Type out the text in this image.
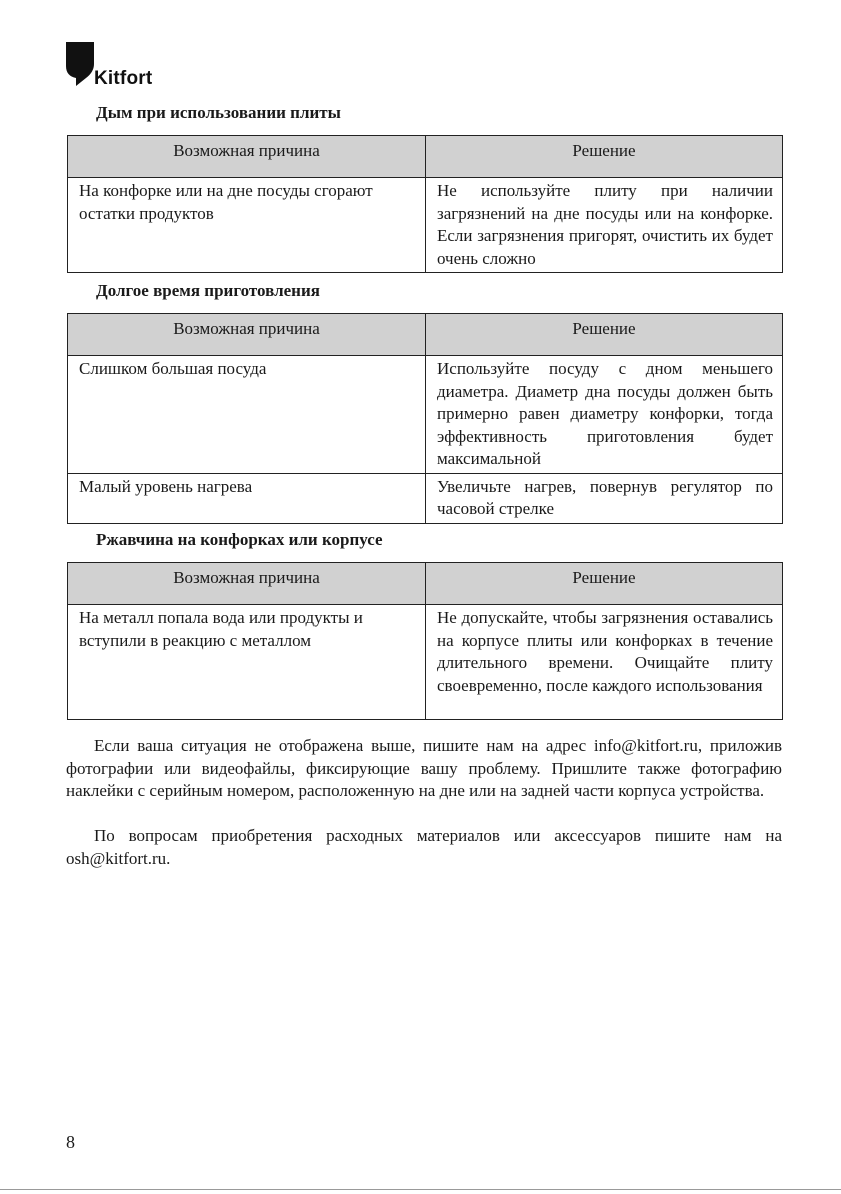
Kitfort
Дым при использовании плиты
Возможная причина	Решение
На конфорке или на дне посуды сгорают остатки продуктов	Не используйте плиту при наличии загрязнений на дне посуды или на конфорке. Если загрязнения пригорят, очистить их будет очень сложно
Долгое время приготовления
Возможная причина	Решение
Слишком большая посуда	Используйте посуду с дном меньшего диаметра. Диаметр дна посуды должен быть примерно равен диаметру конфорки, тогда эффективность приготовления будет максимальной
Малый уровень нагрева	Увеличьте нагрев, повернув регулятор по часовой стрелке
Ржавчина на конфорках или корпусе
Возможная причина	Решение
На металл попала вода или продукты и вступили в реакцию с металлом	Не допускайте, чтобы загрязнения оставались на корпусе плиты или конфорках в течение длительного времени. Очищайте плиту своевременно, после каждого использования

Если ваша ситуация не отображена выше, пишите нам на адрес info@kitfort.ru, приложив фотографии или видеофайлы, фиксирующие вашу проблему. Пришлите также фотографию наклейки с серийным номером, расположенную на дне или на задней части корпуса устройства.

По вопросам приобретения расходных материалов или аксессуаров пишите нам на osh@kitfort.ru.

8
